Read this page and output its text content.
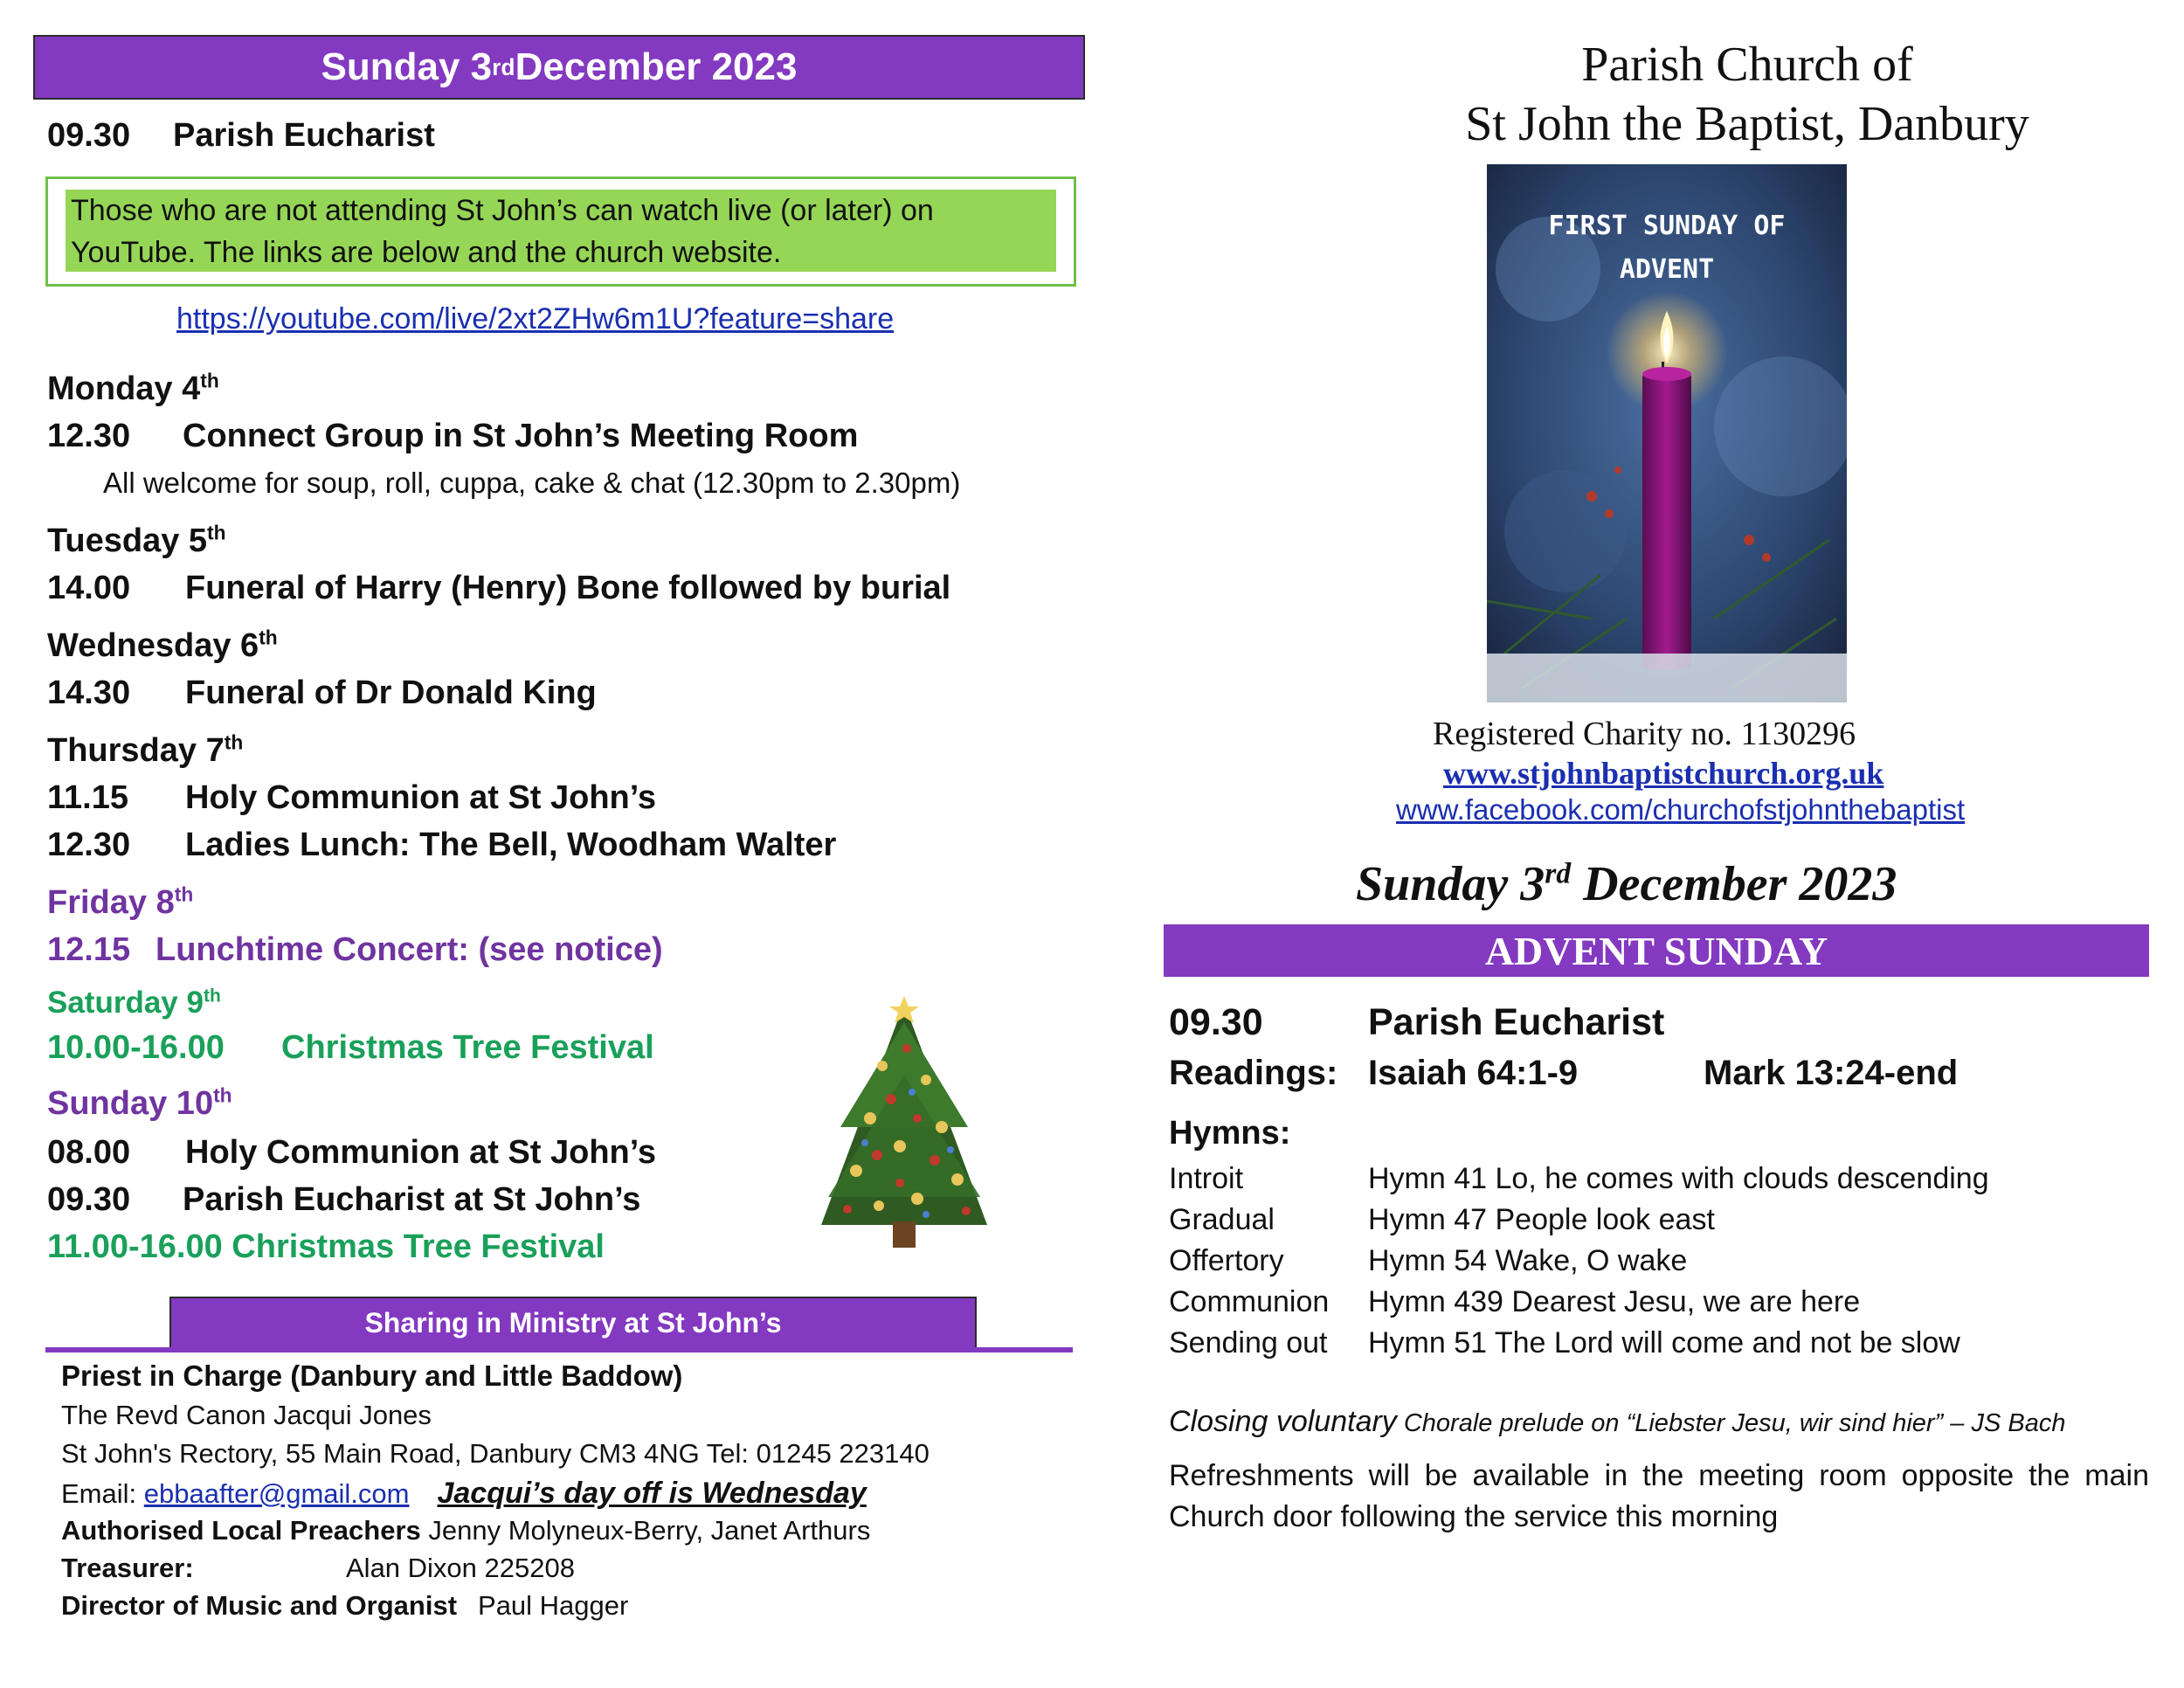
Sunday 3 rd December 2023
09.30 Parish Eucharist
Those who are not attending St John’s can watch live (or later) on YouTube. The links are below and the church website.
https://youtube.com/live/2xt2ZHw6m1U?feature=share
Monday 4th
12.30 Connect Group in St John’s Meeting Room
All welcome for soup, roll, cuppa, cake & chat (12.30pm to 2.30pm)
Tuesday 5th
14.00 Funeral of Harry (Henry) Bone followed by burial
Wednesday 6th
14.30 Funeral of Dr Donald King
Thursday 7th
11.15 Holy Communion at St John’s
12.30 Ladies Lunch: The Bell, Woodham Walter
Friday 8th
12.15 Lunchtime Concert: (see notice)
Saturday 9th
10.00-16.00 Christmas Tree Festival
Sunday 10th
08.00 Holy Communion at St John’s
09.30 Parish Eucharist at St John’s
11.00-16.00 Christmas Tree Festival
Sharing in Ministry at St John’s
Priest in Charge (Danbury and Little Baddow)
The Revd Canon Jacqui Jones
St John's Rectory, 55 Main Road, Danbury CM3 4NG Tel: 01245 223140
Email: ebbaafter@gmail.com Jacqui’s day off is Wednesday
Authorised Local Preachers Jenny Molyneux-Berry, Janet Arthurs
Treasurer:	Alan Dixon 225208
Director of Music and Organist Paul Hagger
Parish Church of
St John the Baptist, Danbury
FIRST SUNDAY OF
ADVENT
Registered Charity no. 1130296
www.stjohnbaptistchurch.org.uk
www.facebook.com/churchofstjohnthebaptist
Sunday 3rd December 2023
ADVENT SUNDAY
09.30	Parish Eucharist
Readings: Isaiah 64:1-9	Mark 13:24-end
Hymns:
Introit	Hymn 41 Lo, he comes with clouds descending
Gradual	Hymn 47 People look east
Offertory	Hymn 54 Wake, O wake
Communion Hymn 439 Dearest Jesu, we are here
Sending out Hymn 51 The Lord will come and not be slow
Closing voluntary Chorale prelude on “Liebster Jesu, wir sind hier” – JS Bach
Refreshments will be available in the meeting room opposite the main Church door following the service this morning
